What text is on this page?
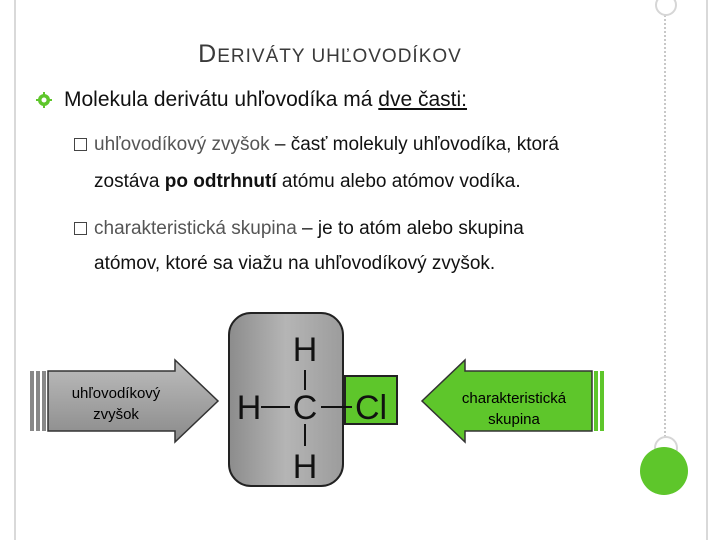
DERIVÁTY UHĽOVODÍKOV
Molekula derivátu uhľovodíka má dve časti:
uhľovodíkový zvyšok – časť molekuly uhľovodíka, ktorá
zostáva po odtrhnutí atómu alebo atómov vodíka.
charakteristická skupina – je to atóm alebo skupina
atómov, ktoré sa viažu na uhľovodíkový zvyšok.
uhľovodíkový
zvyšok
H
H C
H
Cl	charakteristická
skupina
